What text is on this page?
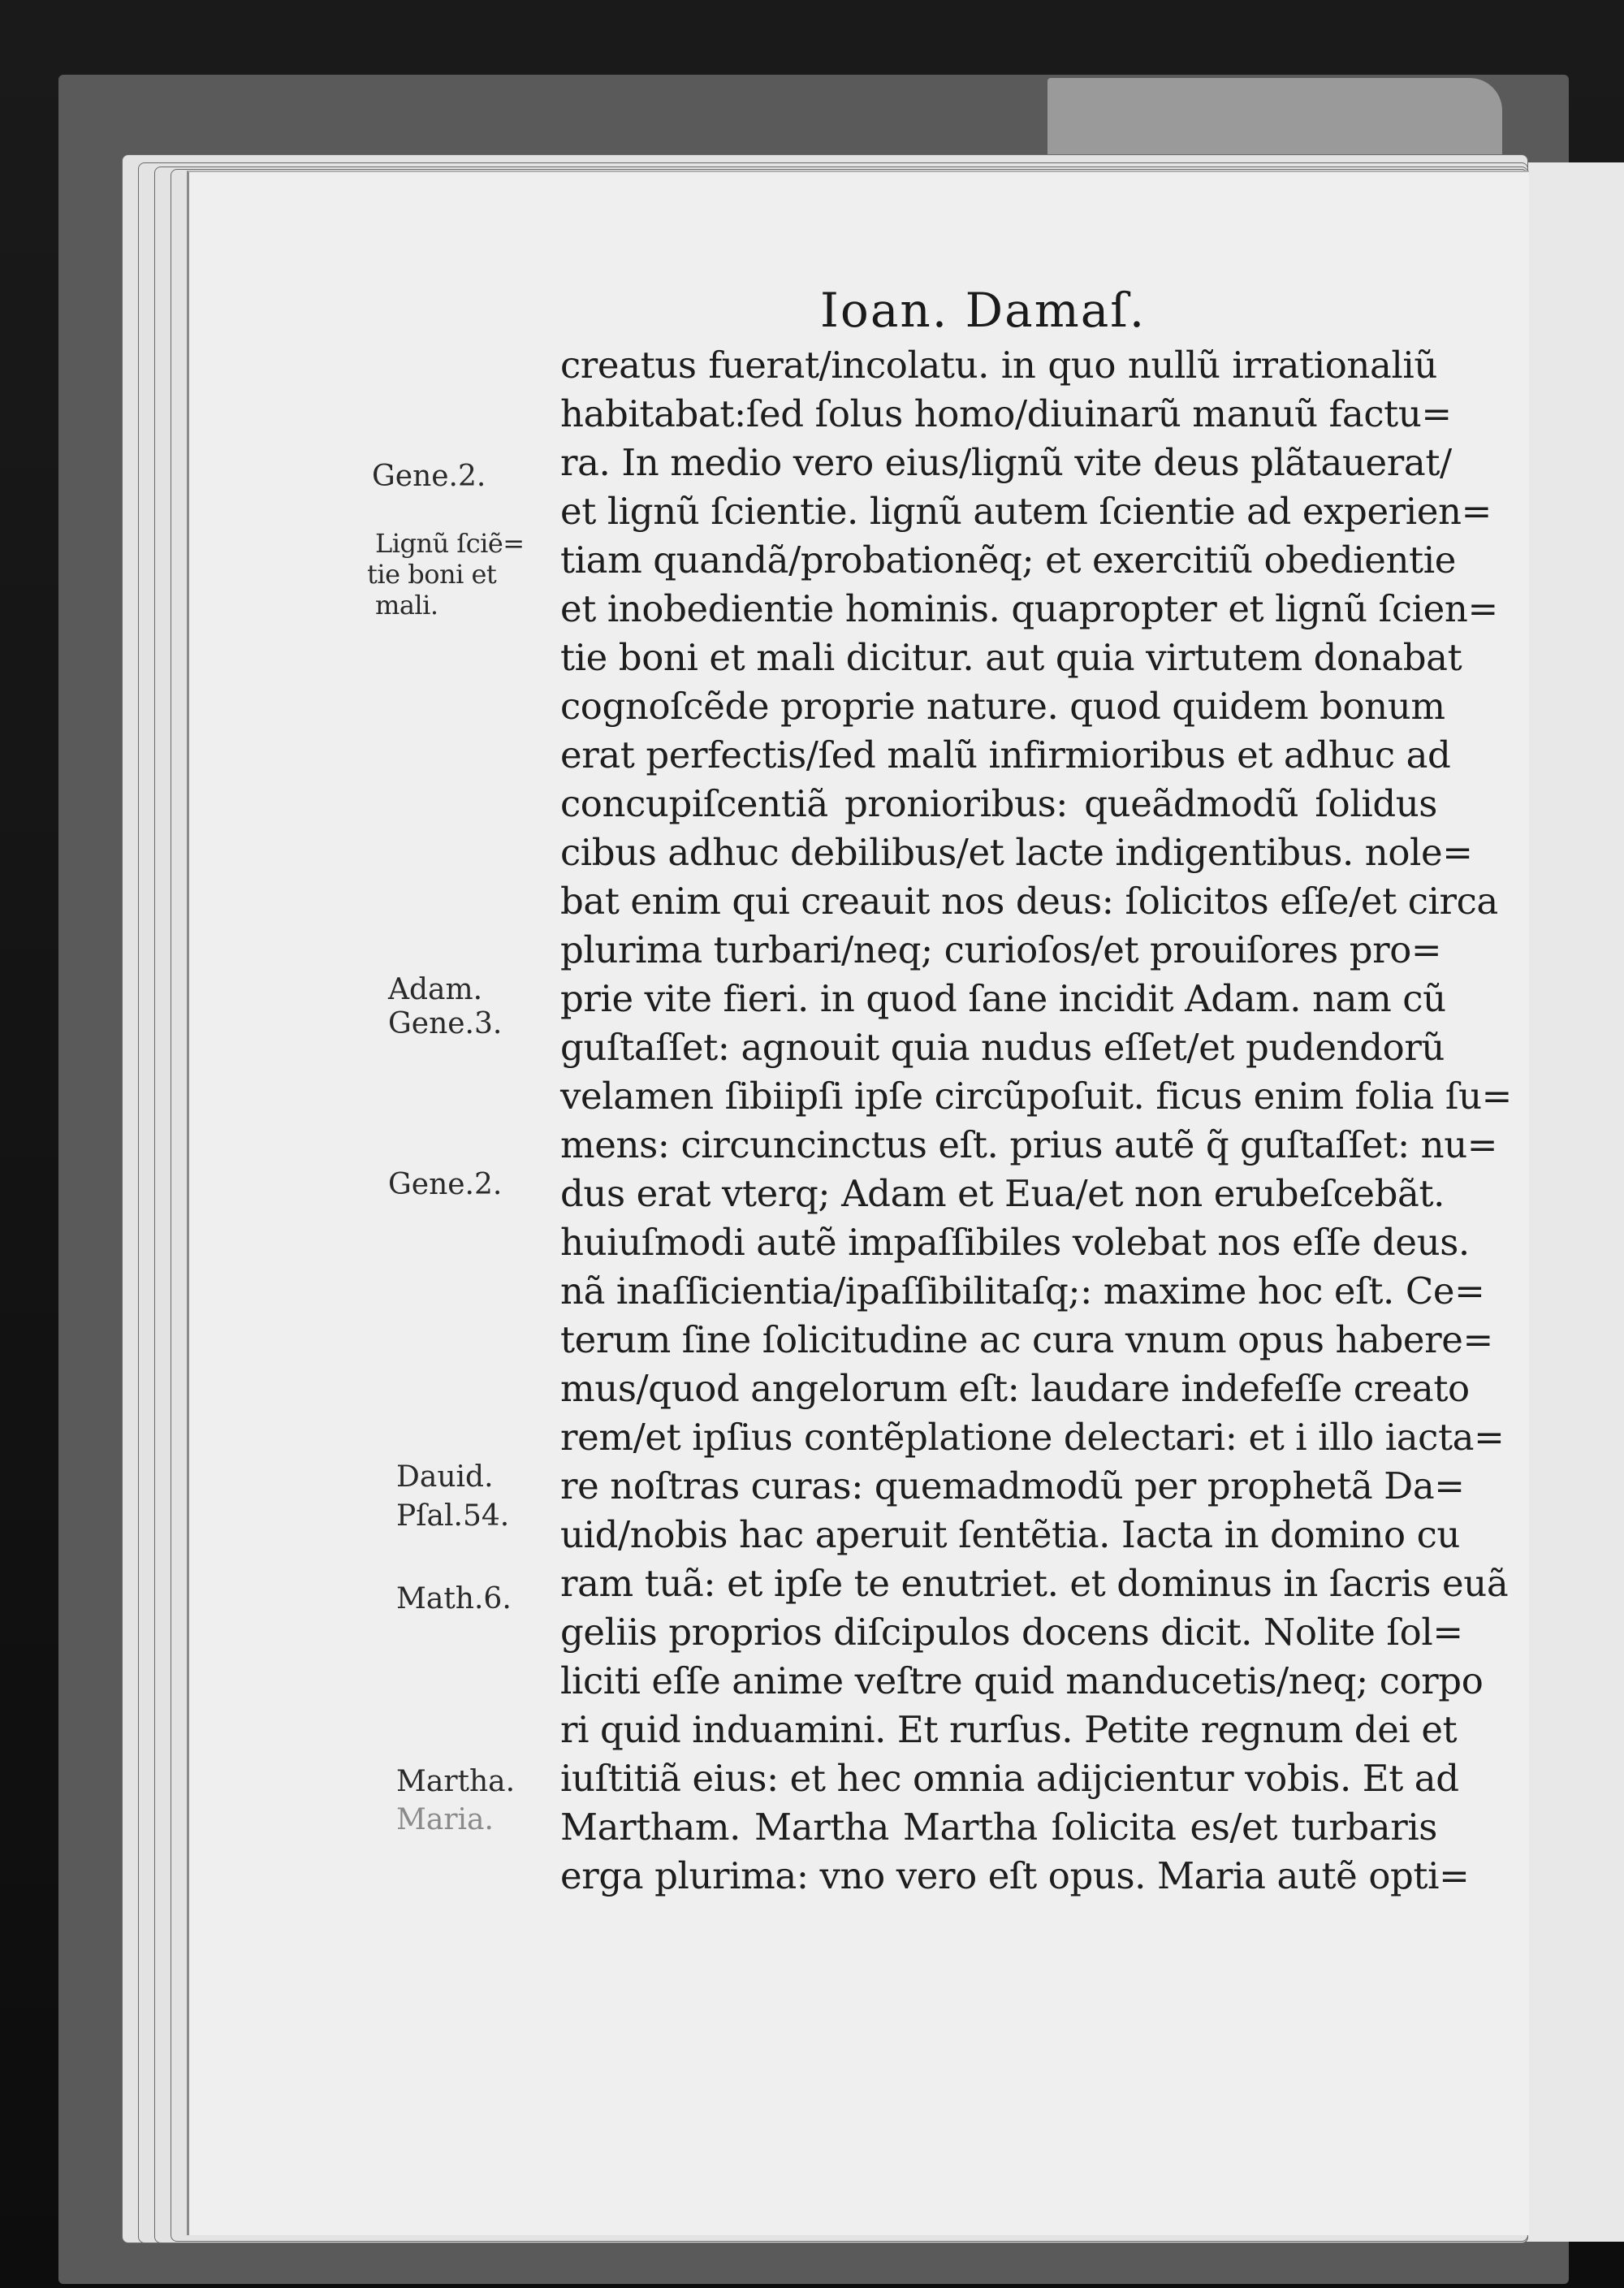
Ioan. Damaſ.

creatus fuerat/incolatu. in quo nullũ irrationaliũ

habitabat:ſed ſolus homo/diuinarũ manuũ factu=

ra. In medio vero eius/lignũ vite deus plãtauerat/

et lignũ ſcientie. lignũ autem ſcientie ad experien=

tiam quandã/probationẽq; et exercitiũ obedientie

et inobedientie hominis. quapropter et lignũ ſcien=

tie boni et mali dicitur. aut quia virtutem donabat

cognoſcẽde proprie nature. quod quidem bonum

erat perfectis/ſed malũ infirmioribus et adhuc ad

concupiſcentiã pronioribus: queãdmodũ ſolidus

cibus adhuc debilibus/et lacte indigentibus. nole=

bat enim qui creauit nos deus: ſolicitos eſſe/et circa

plurima turbari/neq; curioſos/et prouiſores pro=

prie vite fieri. in quod ſane incidit Adam. nam cũ

guſtaſſet: agnouit quia nudus eſſet/et pudendorũ

velamen ſibiipſi ipſe circũpoſuit. ficus enim folia ſu=

mens: circuncinctus eſt. prius autẽ q̃ guſtaſſet: nu=

dus erat vterq; Adam et Eua/et non erubeſcebãt.

huiuſmodi autẽ impaſſibiles volebat nos eſſe deus.

nã inaſſicientia/ipaſſibilitaſq;: maxime hoc eſt. Ce=

terum ſine ſolicitudine ac cura vnum opus habere=

mus/quod angelorum eſt: laudare indefeſſe creato

rem/et ipſius contẽplatione delectari: et i illo iacta=

re noſtras curas: quemadmodũ per prophetã Da=

uid/nobis hac aperuit ſentẽtia. Iacta in domino cu

ram tuã: et ipſe te enutriet. et dominus in ſacris euã

geliis proprios diſcipulos docens dicit. Nolite ſol=

liciti eſſe anime veſtre quid manducetis/neq; corpo

ri quid induamini. Et rurſus. Petite regnum dei et

iuſtitiã eius: et hec omnia adijcientur vobis. Et ad

Martham. Martha Martha ſolicita es/et turbaris

erga plurima: vno vero eſt opus. Maria autẽ opti=

Gene.2.

Lignũ ſciẽ=

tie boni et

mali.

Adam.

Gene.3.

Gene.2.

Dauid.

Pſal.54.

Math.6.

Martha.

Maria.
